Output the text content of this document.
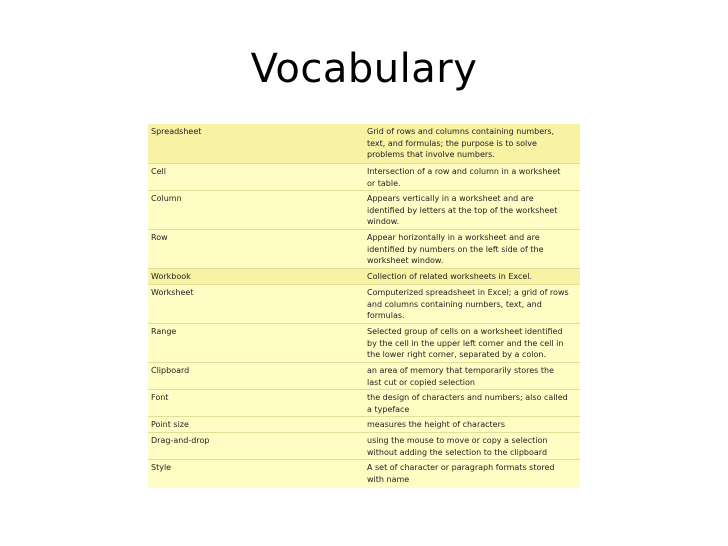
Vocabulary
Spreadsheet	Grid of rows and columns containing numbers,
text, and formulas; the purpose is to solve
problems that involve numbers.
Cell	Intersection of a row and column in a worksheet
or table.
Column	Appears vertically in a worksheet and are
identified by letters at the top of the worksheet
window.
Row	Appear horizontally in a worksheet and are
identified by numbers on the left side of the
worksheet window.
Workbook	Collection of related worksheets in Excel.
Worksheet	Computerized spreadsheet in Excel; a grid of rows
and columns containing numbers, text, and
formulas.
Range	Selected group of cells on a worksheet identified
by the cell in the upper left corner and the cell in
the lower right corner, separated by a colon.
Clipboard	an area of memory that temporarily stores the
last cut or copied selection
Font	the design of characters and numbers; also called
a typeface
Point size	measures the height of characters
Drag-and-drop	using the mouse to move or copy a selection
without adding the selection to the clipboard
Style	A set of character or paragraph formats stored
with name
